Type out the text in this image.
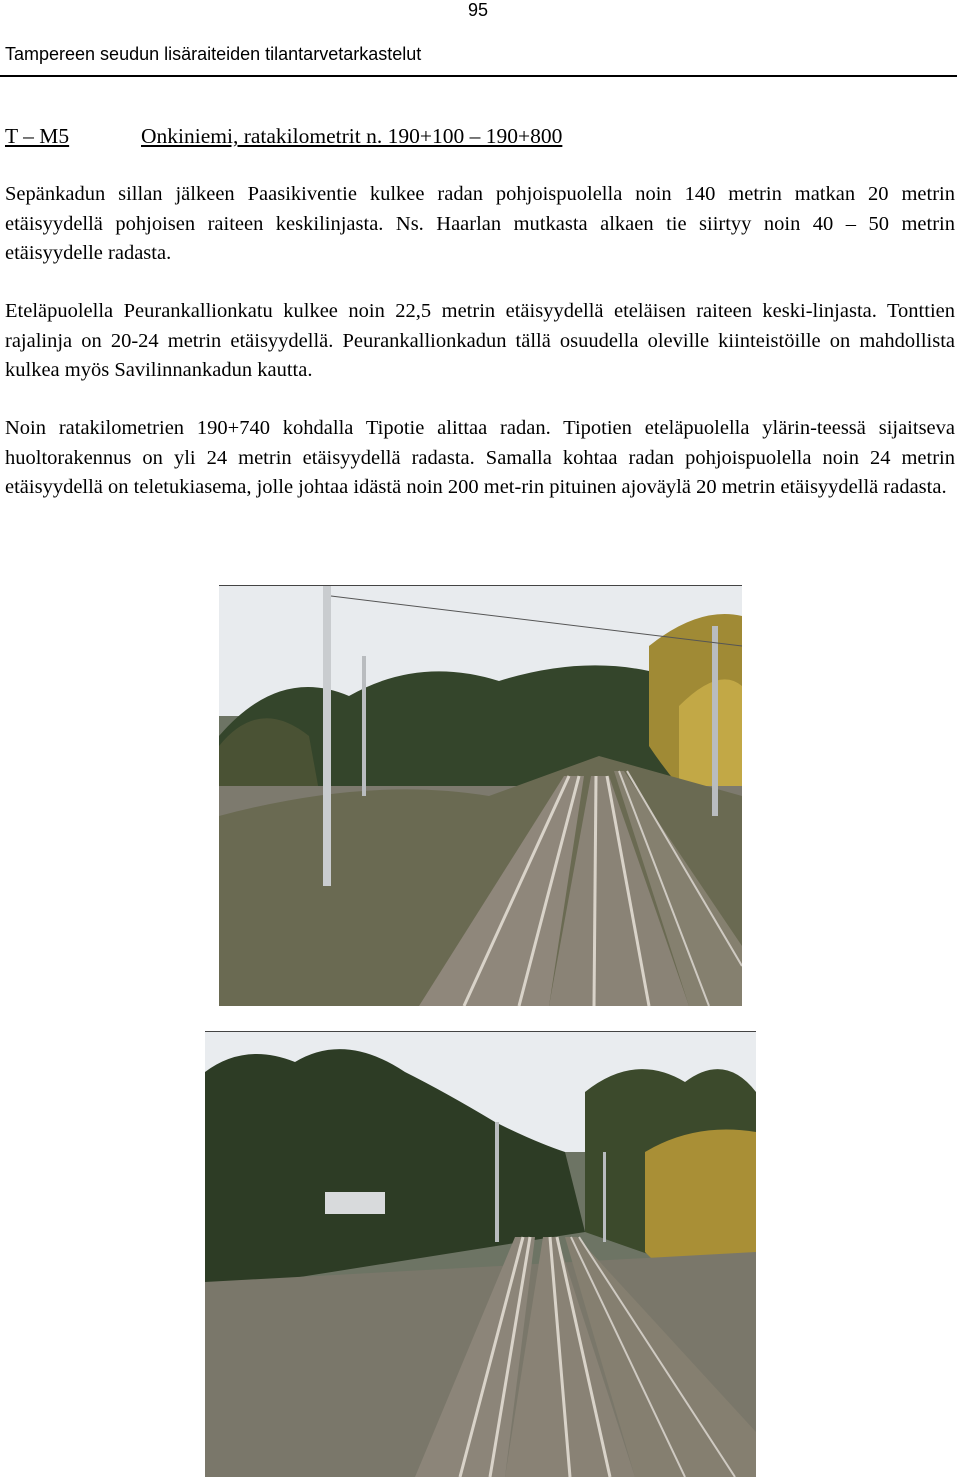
95
Tampereen seudun lisäraiteiden tilantarvetarkastelut
T – M5	Onkiniemi, ratakilometrit n. 190+100 – 190+800

Sepänkadun sillan jälkeen Paasikiventie kulkee radan pohjoispuolella noin 140 metrin matkan 20 metrin etäisyydellä pohjoisen raiteen keskilinjasta. Ns. Haarlan mutkasta alkaen tie siirtyy noin 40 – 50 metrin etäisyydelle radasta.

Eteläpuolella Peurankallionkatu kulkee noin 22,5 metrin etäisyydellä eteläisen raiteen keski-linjasta. Tonttien rajalinja on 20-24 metrin etäisyydellä. Peurankallionkadun tällä osuudella oleville kiinteistöille on mahdollista kulkea myös Savilinnankadun kautta.

Noin ratakilometrien 190+740 kohdalla Tipotie alittaa radan. Tipotien eteläpuolella ylärin-teessä sijaitseva huoltorakennus on yli 24 metrin etäisyydellä radasta. Samalla kohtaa radan pohjoispuolella noin 24 metrin etäisyydellä on teletukiasema, jolle johtaa idästä noin 200 met-rin pituinen ajoväylä 20 metrin etäisyydellä radasta.
